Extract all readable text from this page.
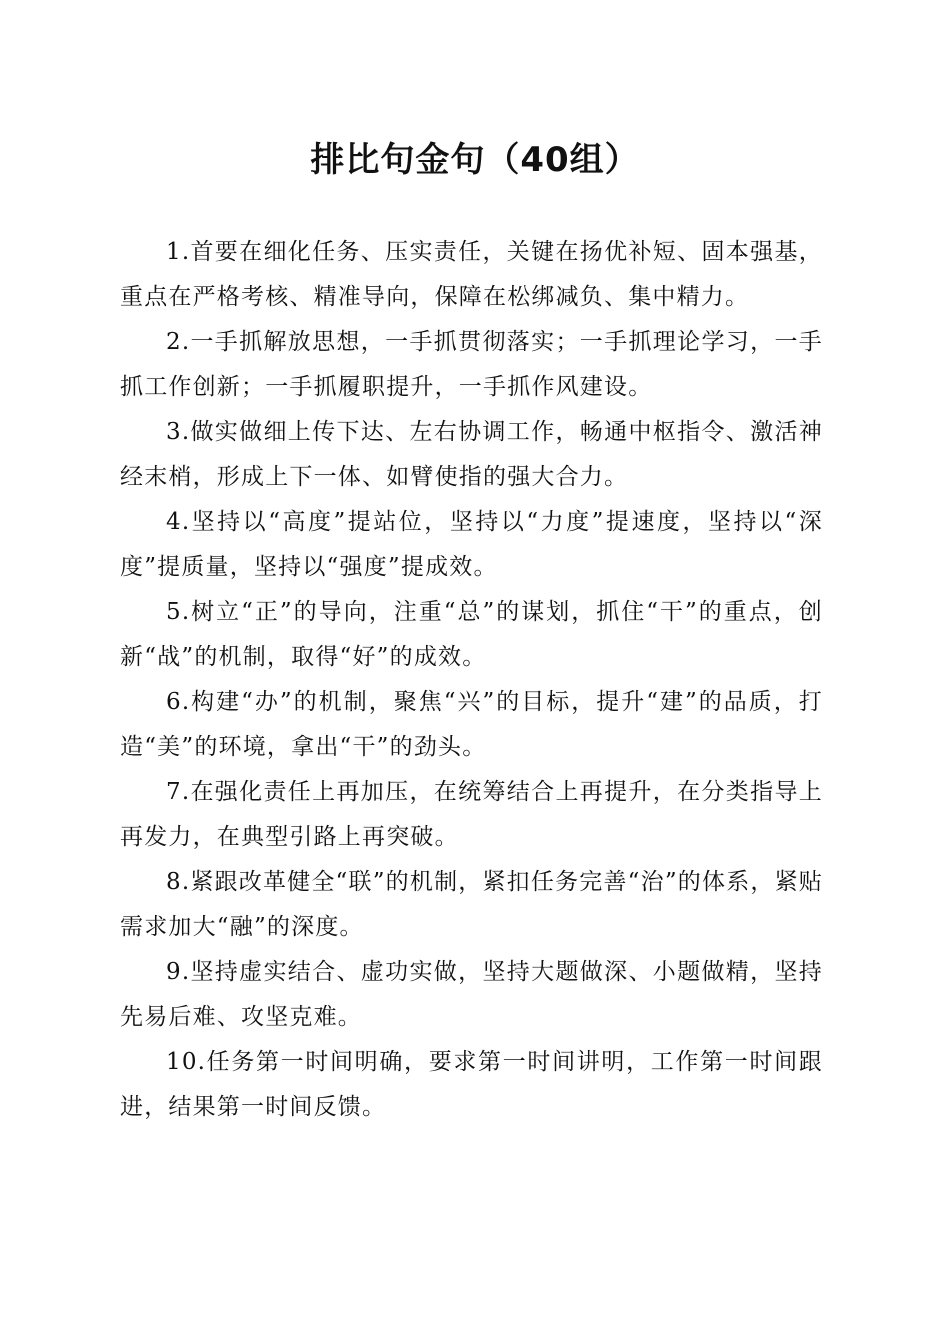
排比句金句（40组）

1.首要在细化任务、压实责任，关键在扬优补短、固本强基，重点在严格考核、精准导向，保障在松绑减负、集中精力。

2.一手抓解放思想，一手抓贯彻落实；一手抓理论学习，一手抓工作创新；一手抓履职提升，一手抓作风建设。

3.做实做细上传下达、左右协调工作，畅通中枢指令、激活神经末梢，形成上下一体、如臂使指的强大合力。

4.坚持以“高度”提站位，坚持以“力度”提速度，坚持以“深度”提质量，坚持以“强度”提成效。

5.树立“正”的导向，注重“总”的谋划，抓住“干”的重点，创新“战”的机制，取得“好”的成效。

6.构建“办”的机制，聚焦“兴”的目标，提升“建”的品质，打造“美”的环境，拿出“干”的劲头。

7.在强化责任上再加压，在统筹结合上再提升，在分类指导上再发力，在典型引路上再突破。

8.紧跟改革健全“联”的机制，紧扣任务完善“治”的体系，紧贴需求加大“融”的深度。

9.坚持虚实结合、虚功实做，坚持大题做深、小题做精，坚持先易后难、攻坚克难。

10.任务第一时间明确，要求第一时间讲明，工作第一时间跟进，结果第一时间反馈。
